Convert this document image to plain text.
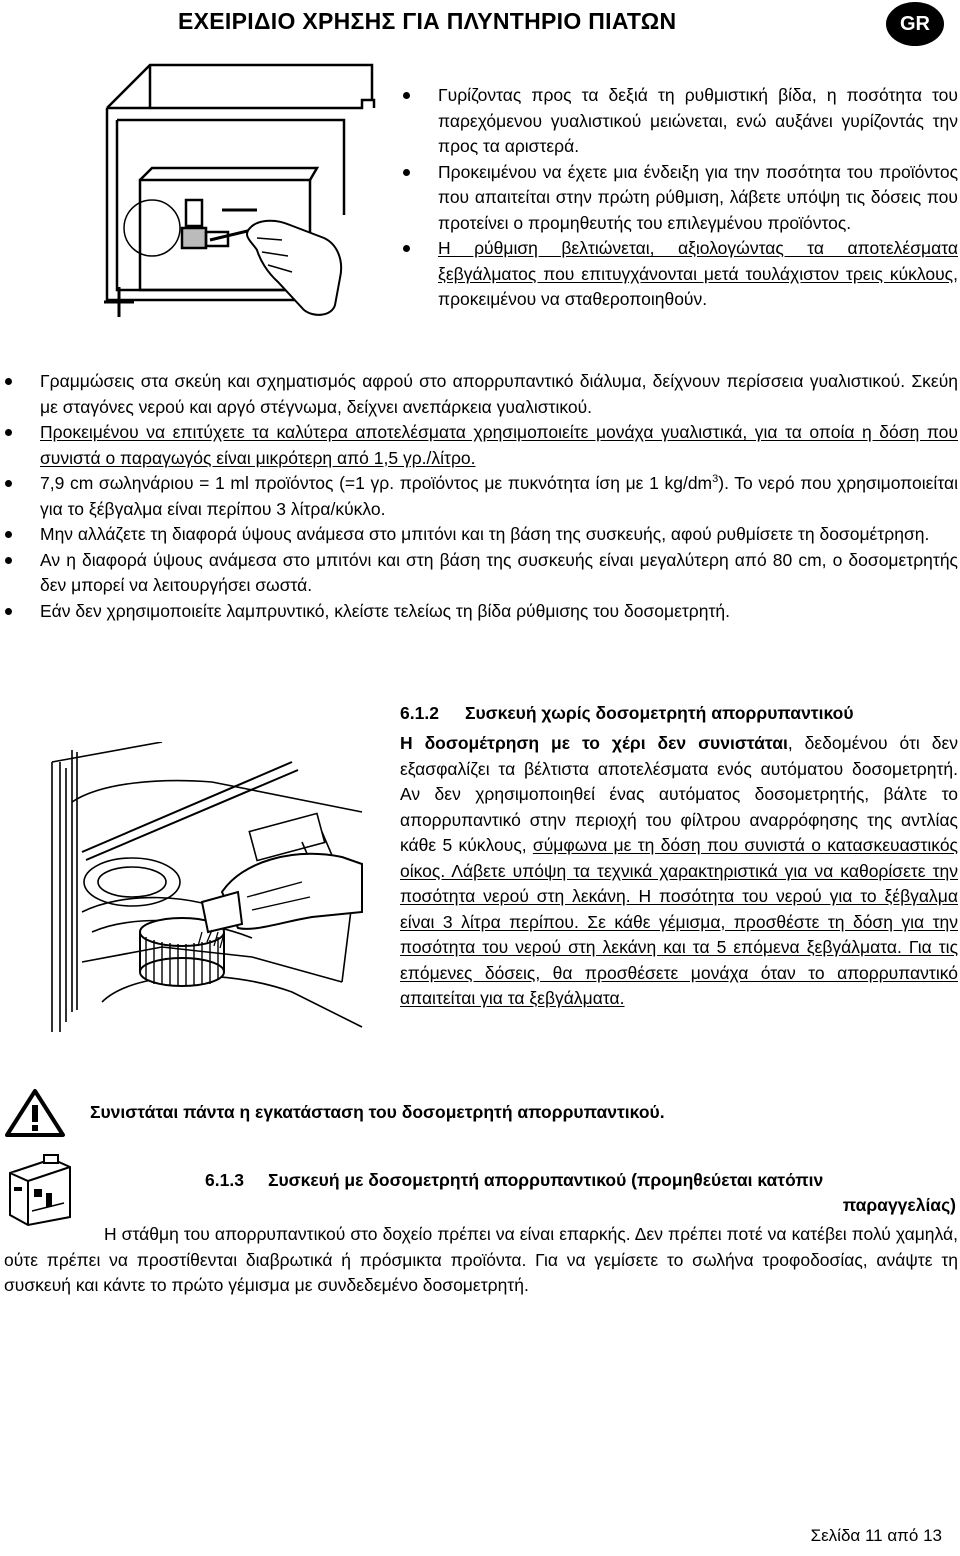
ΕΧΕΙΡΙΔΙΟ ΧΡΗΣΗΣ ΓΙΑ ΠΛΥΝΤΗΡΙΟ ΠΙΑΤΩΝ	GR
Γυρίζοντας προς τα δεξιά τη ρυθμιστική βίδα, η ποσότητα του παρεχόμενου γυαλιστικού μειώνεται, ενώ αυξάνει γυρίζοντάς την προς τα αριστερά.
Προκειμένου να έχετε μια ένδειξη για την ποσότητα του προϊόντος που απαιτείται στην πρώτη ρύθμιση, λάβετε υπόψη τις δόσεις που προτείνει ο προμηθευτής του επιλεγμένου προϊόντος.
Η ρύθμιση βελτιώνεται, αξιολογώντας τα αποτελέσματα ξεβγάλματος που επιτυγχάνονται μετά τουλάχιστον τρεις κύκλους, προκειμένου να σταθεροποιηθούν.
Γραμμώσεις στα σκεύη και σχηματισμός αφρού στο απορρυπαντικό διάλυμα, δείχνουν περίσσεια γυαλιστικού. Σκεύη με σταγόνες νερού και αργό στέγνωμα, δείχνει ανεπάρκεια γυαλιστικού.
Προκειμένου να επιτύχετε τα καλύτερα αποτελέσματα χρησιμοποιείτε μονάχα γυαλιστικά, για τα οποία η δόση που συνιστά ο παραγωγός είναι μικρότερη από 1,5 γρ./λίτρο.
7,9 cm σωληνάριου = 1 ml προϊόντος (=1 γρ. προϊόντος με πυκνότητα ίση με 1 $kg/dm^3$). Το νερό που χρησιμοποιείται για το ξέβγαλμα είναι περίπου 3 λίτρα/κύκλο.
Μην αλλάζετε τη διαφορά ύψους ανάμεσα στο μπιτόνι και τη βάση της συσκευής, αφού ρυθμίσετε τη δοσομέτρηση.
Αν η διαφορά ύψους ανάμεσα στο μπιτόνι και στη βάση της συσκευής είναι μεγαλύτερη από 80 cm, ο δοσομετρητής δεν μπορεί να λειτουργήσει σωστά.
Εάν δεν χρησιμοποιείτε λαμπρυντικό, κλείστε τελείως τη βίδα ρύθμισης του δοσομετρητή.
6.1.2 Συσκευή χωρίς δοσομετρητή απορρυπαντικού
Η δοσομέτρηση με το χέρι δεν συνιστάται, δεδομένου ότι δεν εξασφαλίζει τα βέλτιστα αποτελέσματα ενός αυτόματου δοσομετρητή. Αν δεν χρησιμοποιηθεί ένας αυτόματος δοσομετρητής, βάλτε το απορρυπαντικό στην περιοχή του φίλτρου αναρρόφησης της αντλίας κάθε 5 κύκλους, σύμφωνα με τη δόση που συνιστά ο κατασκευαστικός οίκος. Λάβετε υπόψη τα τεχνικά χαρακτηριστικά για να καθορίσετε την ποσότητα νερού στη λεκάνη. Η ποσότητα του νερού για το ξέβγαλμα είναι 3 λίτρα περίπου. Σε κάθε γέμισμα, προσθέστε τη δόση για την ποσότητα του νερού στη λεκάνη και τα 5 επόμενα ξεβγάλματα. Για τις επόμενες δόσεις, θα προσθέσετε μονάχα όταν το απορρυπαντικό απαιτείται για τα ξεβγάλματα.
Συνιστάται πάντα η εγκατάσταση του δοσομετρητή απορρυπαντικού.
6.1.3 Συσκευή με δοσομετρητή απορρυπαντικού (προμηθεύεται κατόπιν
παραγγελίας)
Η στάθμη του απορρυπαντικού στο δοχείο πρέπει να είναι επαρκής. Δεν πρέπει ποτέ να κατέβει πολύ χαμηλά, ούτε πρέπει να προστίθενται διαβρωτικά ή πρόσμικτα προϊόντα. Για να γεμίσετε το σωλήνα τροφοδοσίας, ανάψτε τη συσκευή και κάντε το πρώτο γέμισμα με συνδεδεμένο δοσομετρητή.
Σελίδα 11 από 13
